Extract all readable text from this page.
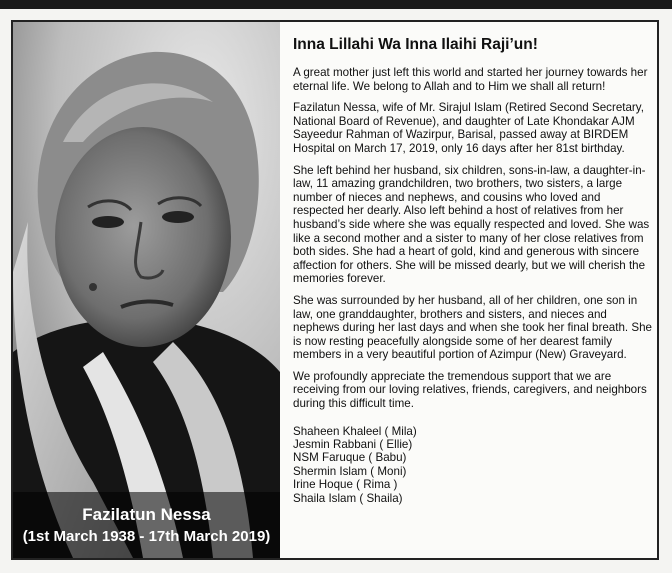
Fazilatun Nessa
(1st March 1938 - 17th March 2019)
Inna Lillahi Wa Inna Ilaihi Raji’un!

A great mother just left this world and started her journey towards her eternal life. We belong to Allah and to Him we shall all return!

Fazilatun Nessa, wife of Mr. Sirajul Islam (Retired Second Secretary, National Board of Revenue), and daughter of Late Khondakar AJM Sayeedur Rahman of Wazirpur, Barisal, passed away at BIRDEM Hospital on March 17, 2019, only 16 days after her 81st birthday.

She left behind her husband, six children, sons-in-law, a daughter-in-law, 11 amazing grandchildren, two brothers, two sisters, a large number of nieces and nephews, and cousins who loved and respected her dearly. Also left behind a host of relatives from her husband’s side where she was equally respected and loved. She was like a second mother and a sister to many of her close relatives from both sides. She had a heart of gold, kind and generous with sincere affection for others. She will be missed dearly, but we will cherish the memories forever.

She was surrounded by her husband, all of her children, one son in law, one granddaughter, brothers and sisters, and nieces and nephews during her last days and when she took her final breath. She is now resting peacefully alongside some of her dearest family members in a very beautiful portion of Azimpur (New) Graveyard.

We profoundly appreciate the tremendous support that we are receiving from our loving relatives, friends, caregivers, and neighbors during this difficult time.

Shaheen Khaleel ( Mila)
Jesmin Rabbani ( Ellie)
NSM Faruque ( Babu)
Shermin Islam ( Moni)
Irine Hoque ( Rima )
Shaila Islam ( Shaila)
